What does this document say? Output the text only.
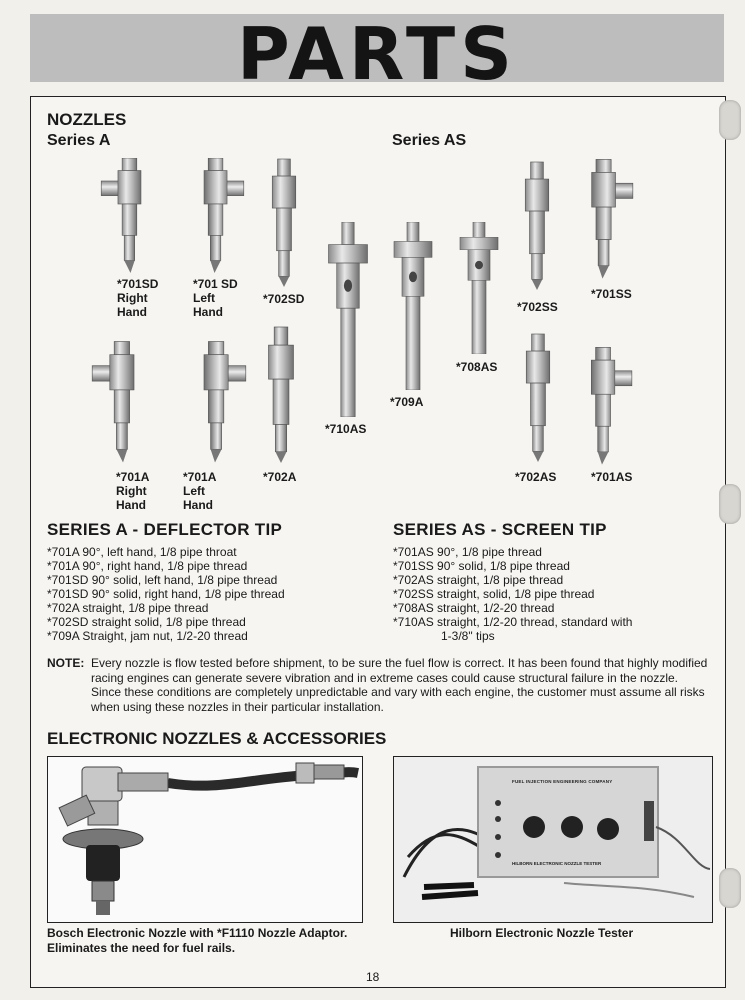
PARTS
NOZZLES
Series A	Series AS
*701SD
Right
Hand
*701 SD
Left
Hand
*702SD
*710AS
*709A
*708AS
*702SS
*701SS
*701A
Right
Hand
*701A
Left
Hand
*702A	*702AS	*701AS
SERIES A - DEFLECTOR TIP
*701A 90°, left hand, 1/8 pipe throat
*701A 90°, right hand, 1/8 pipe thread
*701SD 90° solid, left hand, 1/8 pipe thread
*701SD 90° solid, right hand, 1/8 pipe thread
*702A straight, 1/8 pipe thread
*702SD straight solid, 1/8 pipe thread
*709A Straight, jam nut, 1/2-20 thread
SERIES AS - SCREEN TIP
*701AS 90°, 1/8 pipe thread
*701SS 90° solid, 1/8 pipe thread
*702AS straight, 1/8 pipe thread
*702SS straight, solid, 1/8 pipe thread
*708AS straight, 1/2-20 thread
*710AS straight, 1/2-20 thread, standard with
1-3/8" tips
NOTE: Every nozzle is flow tested before shipment, to be sure the fuel flow is correct. It has been found that highly modified racing engines can generate severe vibration and in extreme cases could cause structural failure in the nozzle. Since these conditions are completely unpredictable and vary with each engine, the customer must assume all risks when using these nozzles in their particular installation.
ELECTRONIC NOZZLES & ACCESSORIES
FUEL INJECTION ENGINEERING COMPANY
HILBORN ELECTRONIC NOZZLE TESTER
Bosch Electronic Nozzle with *F1110 Nozzle Adaptor. Eliminates the need for fuel rails.
Hilborn Electronic Nozzle Tester
18
